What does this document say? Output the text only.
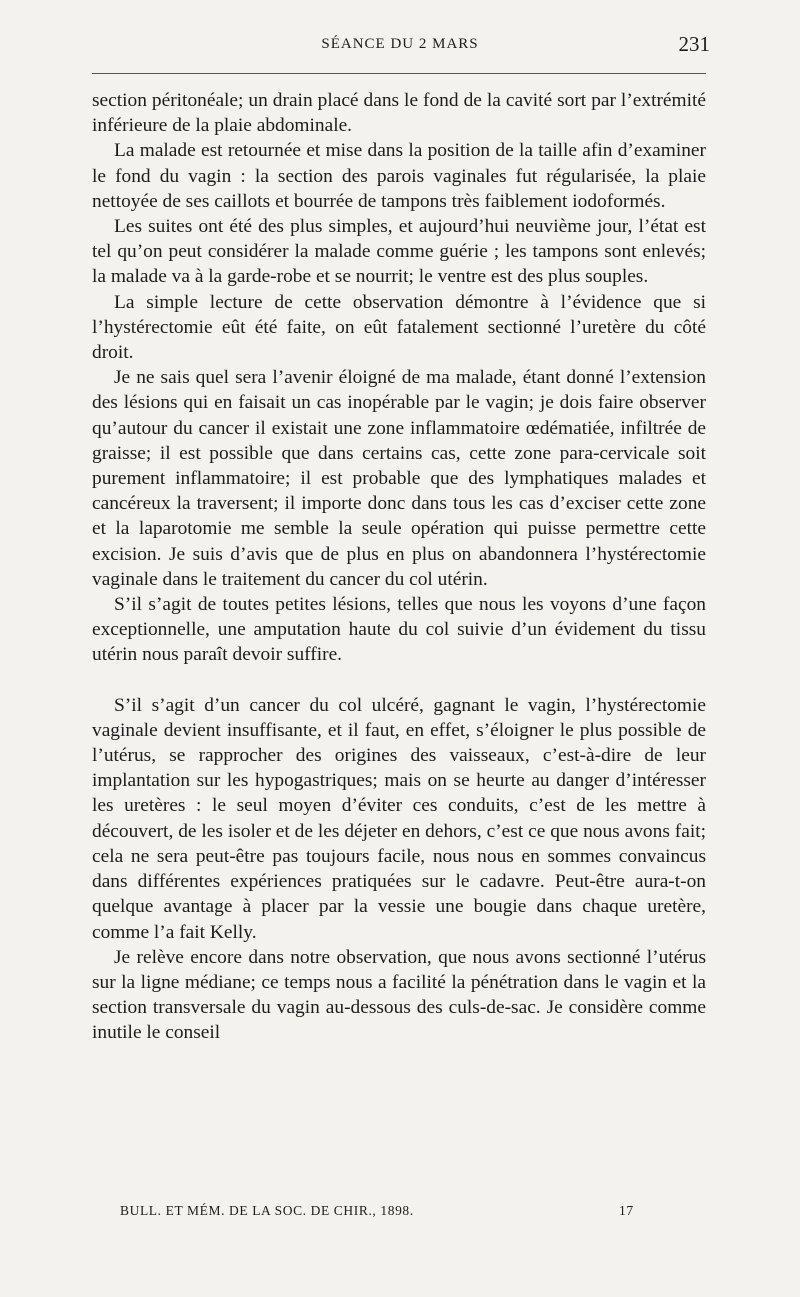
SÉANCE DU 2 MARS	231

section péritonéale; un drain placé dans le fond de la cavité sort par l’extrémité inférieure de la plaie abdominale.

La malade est retournée et mise dans la position de la taille afin d’examiner le fond du vagin : la section des parois vaginales fut régularisée, la plaie nettoyée de ses caillots et bourrée de tampons très faiblement iodoformés.

Les suites ont été des plus simples, et aujourd’hui neuvième jour, l’état est tel qu’on peut considérer la malade comme guérie ; les tampons sont enlevés; la malade va à la garde-robe et se nourrit; le ventre est des plus souples.

La simple lecture de cette observation démontre à l’évidence que si l’hystérectomie eût été faite, on eût fatalement sectionné l’uretère du côté droit.

Je ne sais quel sera l’avenir éloigné de ma malade, étant donné l’extension des lésions qui en faisait un cas inopérable par le vagin; je dois faire observer qu’autour du cancer il existait une zone inflammatoire œdématiée, infiltrée de graisse; il est possible que dans certains cas, cette zone para-cervicale soit purement inflammatoire; il est probable que des lymphatiques malades et cancéreux la traversent; il importe donc dans tous les cas d’exciser cette zone et la laparotomie me semble la seule opération qui puisse permettre cette excision. Je suis d’avis que de plus en plus on abandonnera l’hystérectomie vaginale dans le traitement du cancer du col utérin.

S’il s’agit de toutes petites lésions, telles que nous les voyons d’une façon exceptionnelle, une amputation haute du col suivie d’un évidement du tissu utérin nous paraît devoir suffire.

S’il s’agit d’un cancer du col ulcéré, gagnant le vagin, l’hystérectomie vaginale devient insuffisante, et il faut, en effet, s’éloigner le plus possible de l’utérus, se rapprocher des origines des vaisseaux, c’est-à-dire de leur implantation sur les hypogastriques; mais on se heurte au danger d’intéresser les uretères : le seul moyen d’éviter ces conduits, c’est de les mettre à découvert, de les isoler et de les déjeter en dehors, c’est ce que nous avons fait; cela ne sera peut-être pas toujours facile, nous nous en sommes convaincus dans différentes expériences pratiquées sur le cadavre. Peut-être aura-t-on quelque avantage à placer par la vessie une bougie dans chaque uretère, comme l’a fait Kelly.

Je relève encore dans notre observation, que nous avons sectionné l’utérus sur la ligne médiane; ce temps nous a facilité la pénétration dans le vagin et la section transversale du vagin au-dessous des culs-de-sac. Je considère comme inutile le conseil

BULL. ET MÉM. DE LA SOC. DE CHIR., 1898.	17
